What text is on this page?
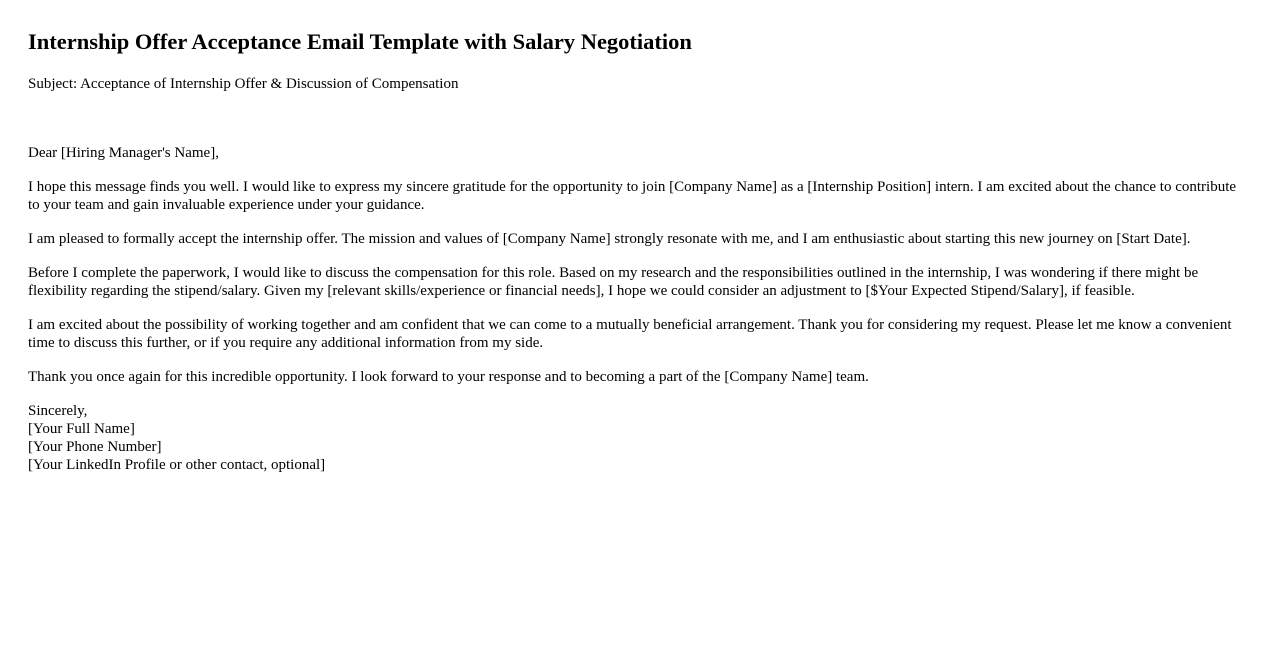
Internship Offer Acceptance Email Template with Salary Negotiation

Subject: Acceptance of Internship Offer & Discussion of Compensation

Dear [Hiring Manager's Name],

I hope this message finds you well. I would like to express my sincere gratitude for the opportunity to join [Company Name] as a [Internship Position] intern. I am excited about the chance to contribute to your team and gain invaluable experience under your guidance.

I am pleased to formally accept the internship offer. The mission and values of [Company Name] strongly resonate with me, and I am enthusiastic about starting this new journey on [Start Date].

Before I complete the paperwork, I would like to discuss the compensation for this role. Based on my research and the responsibilities outlined in the internship, I was wondering if there might be flexibility regarding the stipend/salary. Given my [relevant skills/experience or financial needs], I hope we could consider an adjustment to [$Your Expected Stipend/Salary], if feasible.

I am excited about the possibility of working together and am confident that we can come to a mutually beneficial arrangement. Thank you for considering my request. Please let me know a convenient time to discuss this further, or if you require any additional information from my side.

Thank you once again for this incredible opportunity. I look forward to your response and to becoming a part of the [Company Name] team.

Sincerely,
[Your Full Name]
[Your Phone Number]
[Your LinkedIn Profile or other contact, optional]
